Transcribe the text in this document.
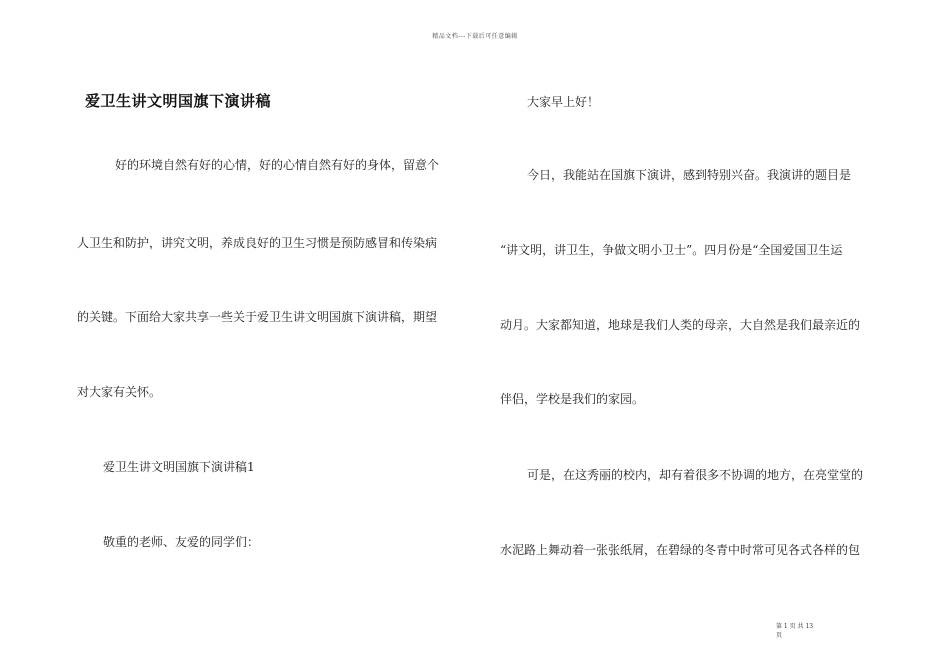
精品文档---下载后可任意编辑
爱卫生讲文明国旗下演讲稿
好的环境自然有好的心情，好的心情自然有好的身体，留意个
人卫生和防护，讲究文明，养成良好的卫生习惯是预防感冒和传染病
的关键。下面给大家共享一些关于爱卫生讲文明国旗下演讲稿，期望
对大家有关怀。
爱卫生讲文明国旗下演讲稿1
敬重的老师、友爱的同学们：
大家早上好！
今日，我能站在国旗下演讲，感到特别兴奋。我演讲的题目是
“讲文明，讲卫生，争做文明小卫士”。四月份是“全国爱国卫生运
动月。大家都知道，地球是我们人类的母亲，大自然是我们最亲近的
伴侣，学校是我们的家园。
可是，在这秀丽的校内，却有着很多不协调的地方，在亮堂堂的
水泥路上舞动着一张张纸屑，在碧绿的冬青中时常可见各式各样的包
第 1 页 共 13
页
